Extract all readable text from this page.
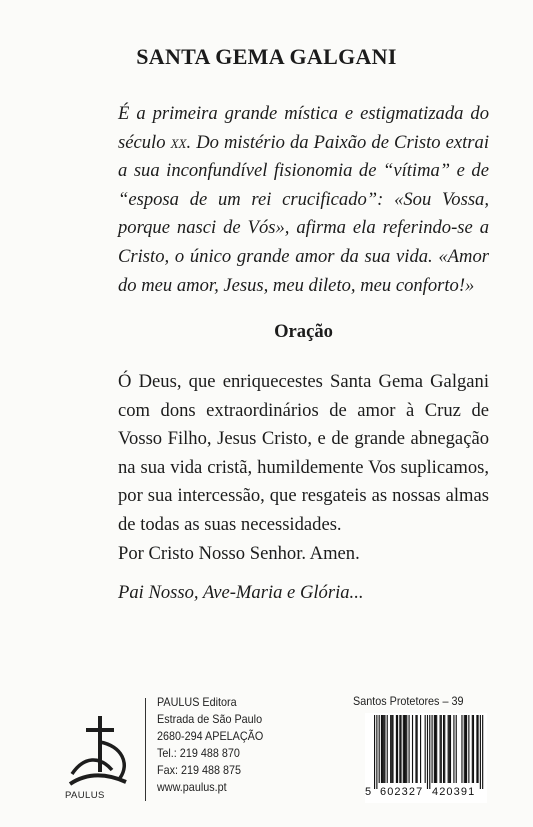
SANTA GEMA GALGANI

É a primeira grande mística e estigmatizada do século xx. Do mistério da Paixão de Cristo extrai a sua inconfundível fisionomia de “vítima” e de “esposa de um rei crucificado”: «Sou Vossa, porque nasci de Vós», afirma ela referindo-se a Cristo, o único grande amor da sua vida. «Amor do meu amor, Jesus, meu dileto, meu conforto!»

Oração
Ó Deus, que enriquecestes Santa Gema Galgani com dons extraordinários de amor à Cruz de Vosso Filho, Jesus Cristo, e de grande abnegação na sua vida cristã, humildemente Vos suplicamos, por sua intercessão, que resgateis as nossas almas de todas as suas necessidades.
Por Cristo Nosso Senhor. Amen.
Pai Nosso, Ave-Maria e Glória...
PAULUS
PAULUS Editora
Estrada de São Paulo
2680-294 APELAÇÃO
Tel.: 219 488 870
Fax: 219 488 875
www.paulus.pt
Santos Protetores – 39
5 602327 420391
